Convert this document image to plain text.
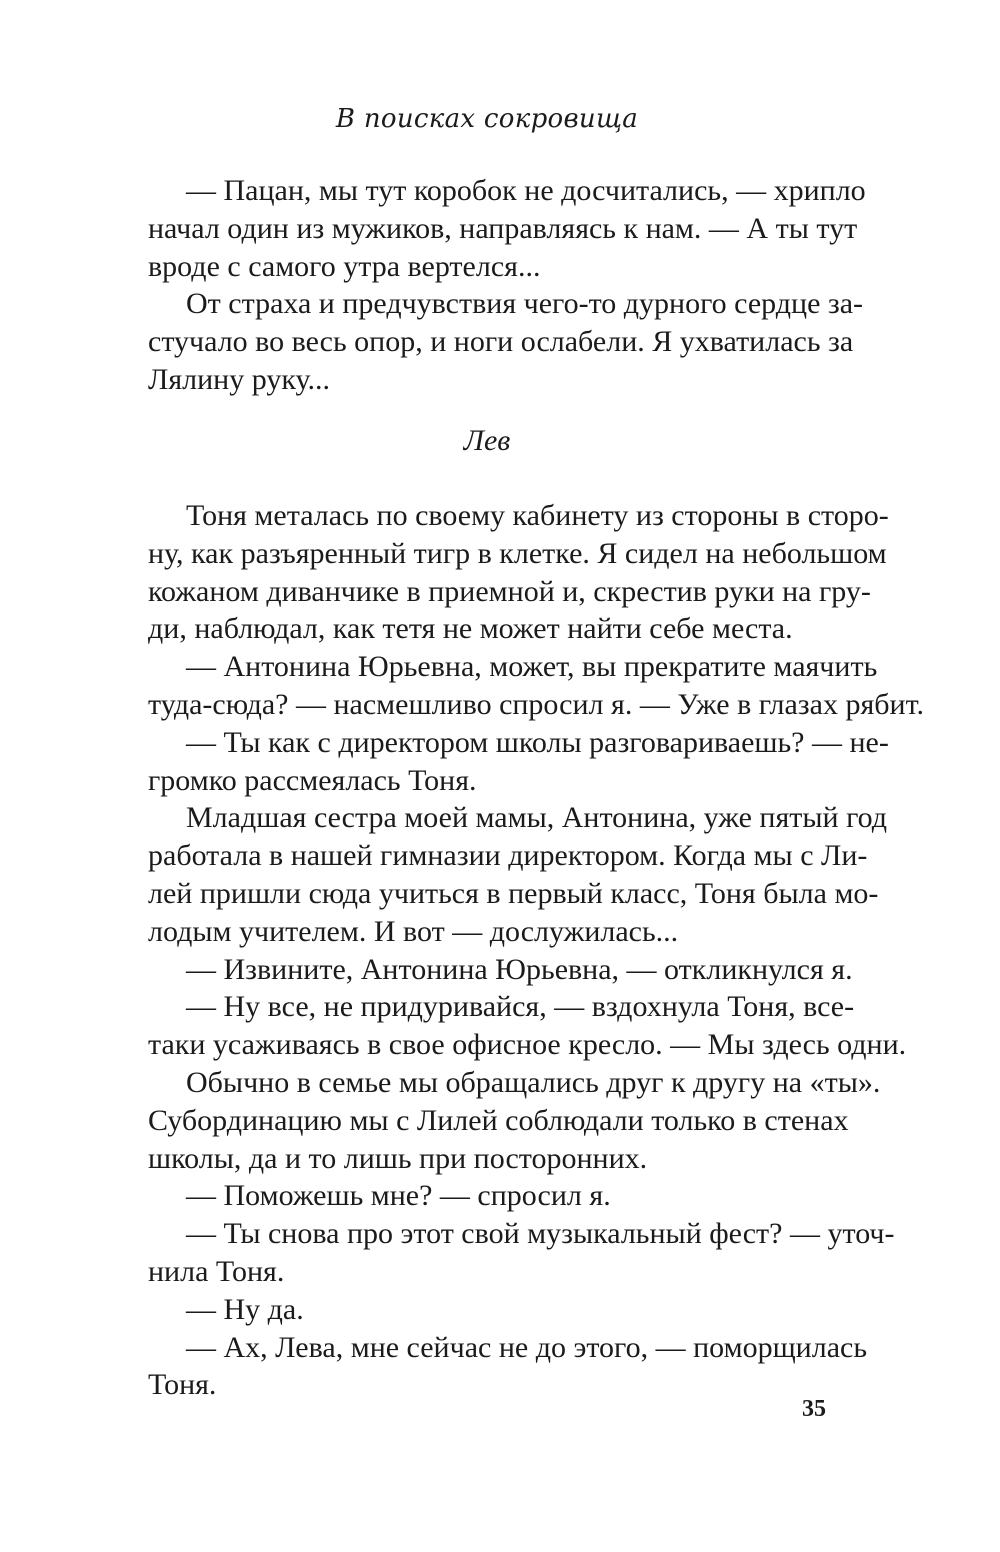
В поисках сокровища
— Пацан, мы тут коробок не досчитались, — хрипло
начал один из мужиков, направляясь к нам. — А ты тут
вроде с самого утра вертелся...
От страха и предчувствия чего-то дурного сердце за-
стучало во весь опор, и ноги ослабели. Я ухватилась за
Лялину руку...
Лев
Тоня металась по своему кабинету из стороны в сторо-
ну, как разъяренный тигр в клетке. Я сидел на небольшом
кожаном диванчике в приемной и, скрестив руки на гру-
ди, наблюдал, как тетя не может найти себе места.
— Антонина Юрьевна, может, вы прекратите маячить
туда-сюда? — насмешливо спросил я. — Уже в глазах рябит.
— Ты как с директором школы разговариваешь? — не-
громко рассмеялась Тоня.
Младшая сестра моей мамы, Антонина, уже пятый год
работала в нашей гимназии директором. Когда мы с Ли-
лей пришли сюда учиться в первый класс, Тоня была мо-
лодым учителем. И вот — дослужилась...
— Извините, Антонина Юрьевна, — откликнулся я.
— Ну все, не придуривайся, — вздохнула Тоня, все-
таки усаживаясь в свое офисное кресло. — Мы здесь одни.
Обычно в семье мы обращались друг к другу на «ты».
Субординацию мы с Лилей соблюдали только в стенах
школы, да и то лишь при посторонних.
— Поможешь мне? — спросил я.
— Ты снова про этот свой музыкальный фест? — уточ-
нила Тоня.
— Ну да.
— Ах, Лева, мне сейчас не до этого, — поморщилась
Тоня.
35
